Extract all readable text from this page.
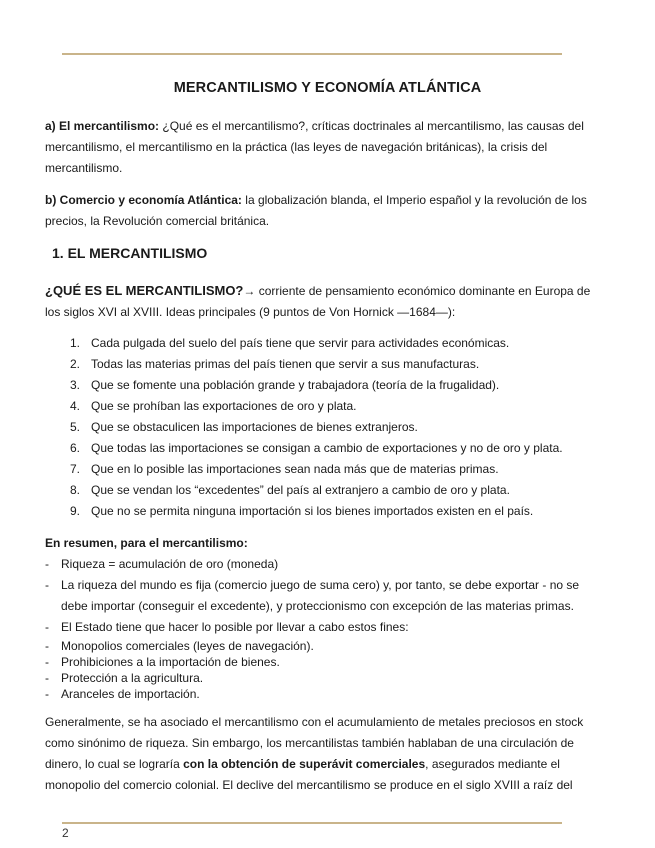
MERCANTILISMO Y ECONOMÍA ATLÁNTICA
a) El mercantilismo: ¿Qué es el mercantilismo?, críticas doctrinales al mercantilismo, las causas del mercantilismo, el mercantilismo en la práctica (las leyes de navegación británicas), la crisis del mercantilismo.
b) Comercio y economía Atlántica: la globalización blanda, el Imperio español y la revolución de los precios, la Revolución comercial británica.
1. EL MERCANTILISMO
¿QUÉ ES EL MERCANTILISMO?→ corriente de pensamiento económico dominante en Europa de los siglos XVI al XVIII. Ideas principales (9 puntos de Von Hornick —1684—):
1. Cada pulgada del suelo del país tiene que servir para actividades económicas.
2. Todas las materias primas del país tienen que servir a sus manufacturas.
3. Que se fomente una población grande y trabajadora (teoría de la frugalidad).
4. Que se prohíban las exportaciones de oro y plata.
5. Que se obstaculicen las importaciones de bienes extranjeros.
6. Que todas las importaciones se consigan a cambio de exportaciones y no de oro y plata.
7. Que en lo posible las importaciones sean nada más que de materias primas.
8. Que se vendan los “excedentes” del país al extranjero a cambio de oro y plata.
9. Que no se permita ninguna importación si los bienes importados existen en el país.
En resumen, para el mercantilismo:
- Riqueza = acumulación de oro (moneda)
- La riqueza del mundo es fija (comercio juego de suma cero) y, por tanto, se debe exportar - no se debe importar (conseguir el excedente), y proteccionismo con excepción de las materias primas.
- El Estado tiene que hacer lo posible por llevar a cabo estos fines:
- Monopolios comerciales (leyes de navegación).
- Prohibiciones a la importación de bienes.
- Protección a la agricultura.
- Aranceles de importación.
Generalmente, se ha asociado el mercantilismo con el acumulamiento de metales preciosos en stock como sinónimo de riqueza. Sin embargo, los mercantilistas también hablaban de una circulación de dinero, lo cual se lograría con la obtención de superávit comerciales, asegurados mediante el monopolio del comercio colonial. El declive del mercantilismo se produce en el siglo XVIII a raíz del
2
